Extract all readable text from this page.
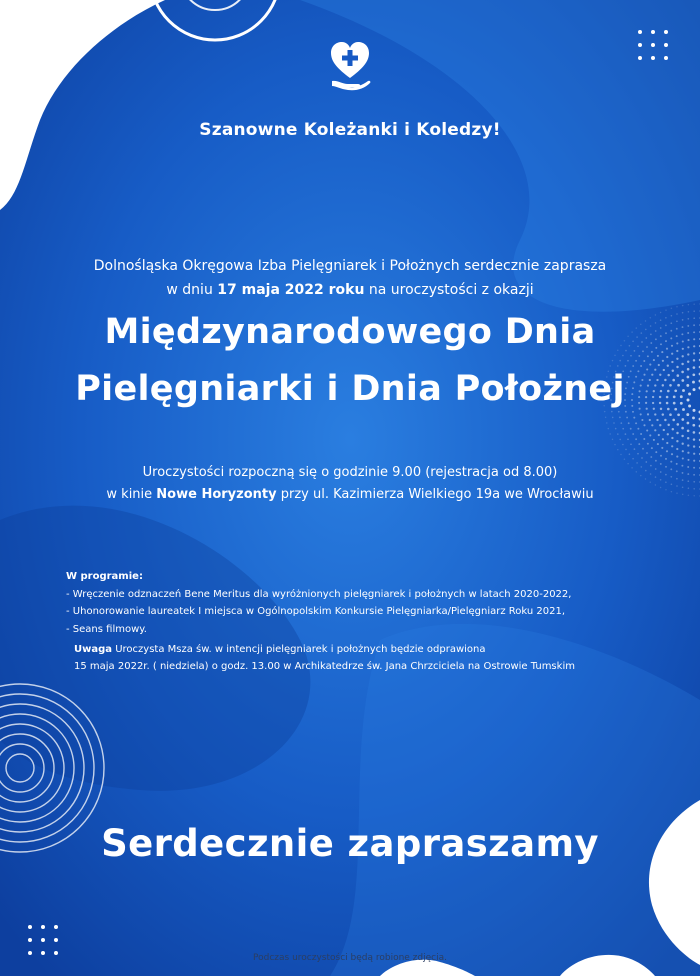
Szanowne Koleżanki i Koledzy!
Dolnośląska Okręgowa Izba Pielęgniarek i Położnych serdecznie zaprasza
w dniu 17 maja 2022 roku na uroczystości z okazji
Międzynarodowego Dnia
Pielęgniarki i Dnia Położnej
Uroczystości rozpoczną się o godzinie 9.00 (rejestracja od 8.00)
w kinie Nowe Horyzonty przy ul. Kazimierza Wielkiego 19a we Wrocławiu
W programie:
- Wręczenie odznaczeń Bene Meritus dla wyróżnionych pielęgniarek i położnych w latach 2020-2022,
- Uhonorowanie laureatek I miejsca w Ogólnopolskim Konkursie Pielęgniarka/Pielęgniarz Roku 2021,
- Seans filmowy.
Uwaga Uroczysta Msza św. w intencji pielęgniarek i położnych będzie odprawiona
15 maja 2022r. ( niedziela) o godz. 13.00 w Archikatedrze św. Jana Chrzciciela na Ostrowie Tumskim
Serdecznie zapraszamy
Podczas uroczystości będą robione zdjęcia.
